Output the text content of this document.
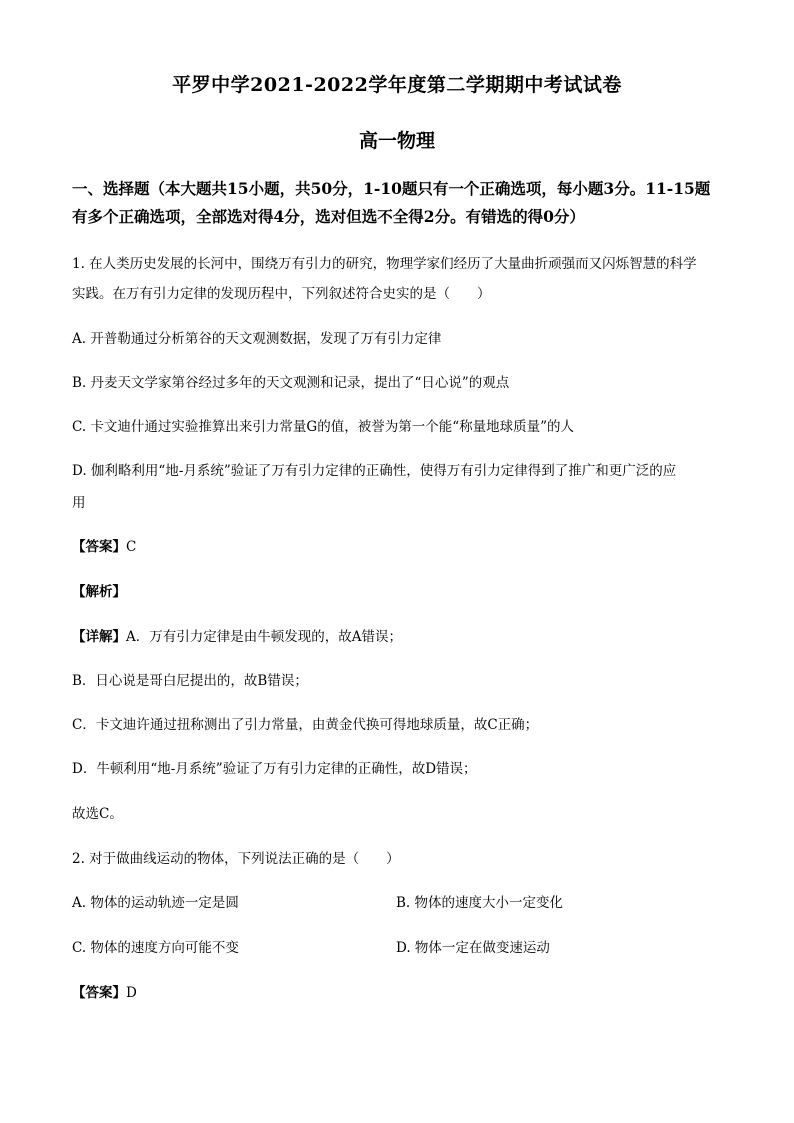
平罗中学2021-2022学年度第二学期期中考试试卷
高一物理
一、选择题（本大题共15小题，共50分，1-10题只有一个正确选项，每小题3分。11-15题
有多个正确选项，全部选对得4分，选对但选不全得2分。有错选的得0分）
1. 在人类历史发展的长河中，围绕万有引力的研究，物理学家们经历了大量曲折顽强而又闪烁智慧的科学
实践。在万有引力定律的发现历程中，下列叙述符合史实的是（　　）
A. 开普勒通过分析第谷的天文观测数据，发现了万有引力定律
B. 丹麦天文学家第谷经过多年的天文观测和记录，提出了“日心说”的观点
C. 卡文迪什通过实验推算出来引力常量G的值，被誉为第一个能“称量地球质量”的人
D. 伽利略利用“地-月系统”验证了万有引力定律的正确性，使得万有引力定律得到了推广和更广泛的应
用
【答案】C
【解析】
【详解】A．万有引力定律是由牛顿发现的，故A错误；
B．日心说是哥白尼提出的，故B错误；
C．卡文迪许通过扭称测出了引力常量，由黄金代换可得地球质量，故C正确；
D．牛顿利用“地-月系统”验证了万有引力定律的正确性，故D错误；
故选C。
2. 对于做曲线运动的物体，下列说法正确的是（　　）
A. 物体的运动轨迹一定是圆	B. 物体的速度大小一定变化
C. 物体的速度方向可能不变	D. 物体一定在做变速运动
【答案】D
